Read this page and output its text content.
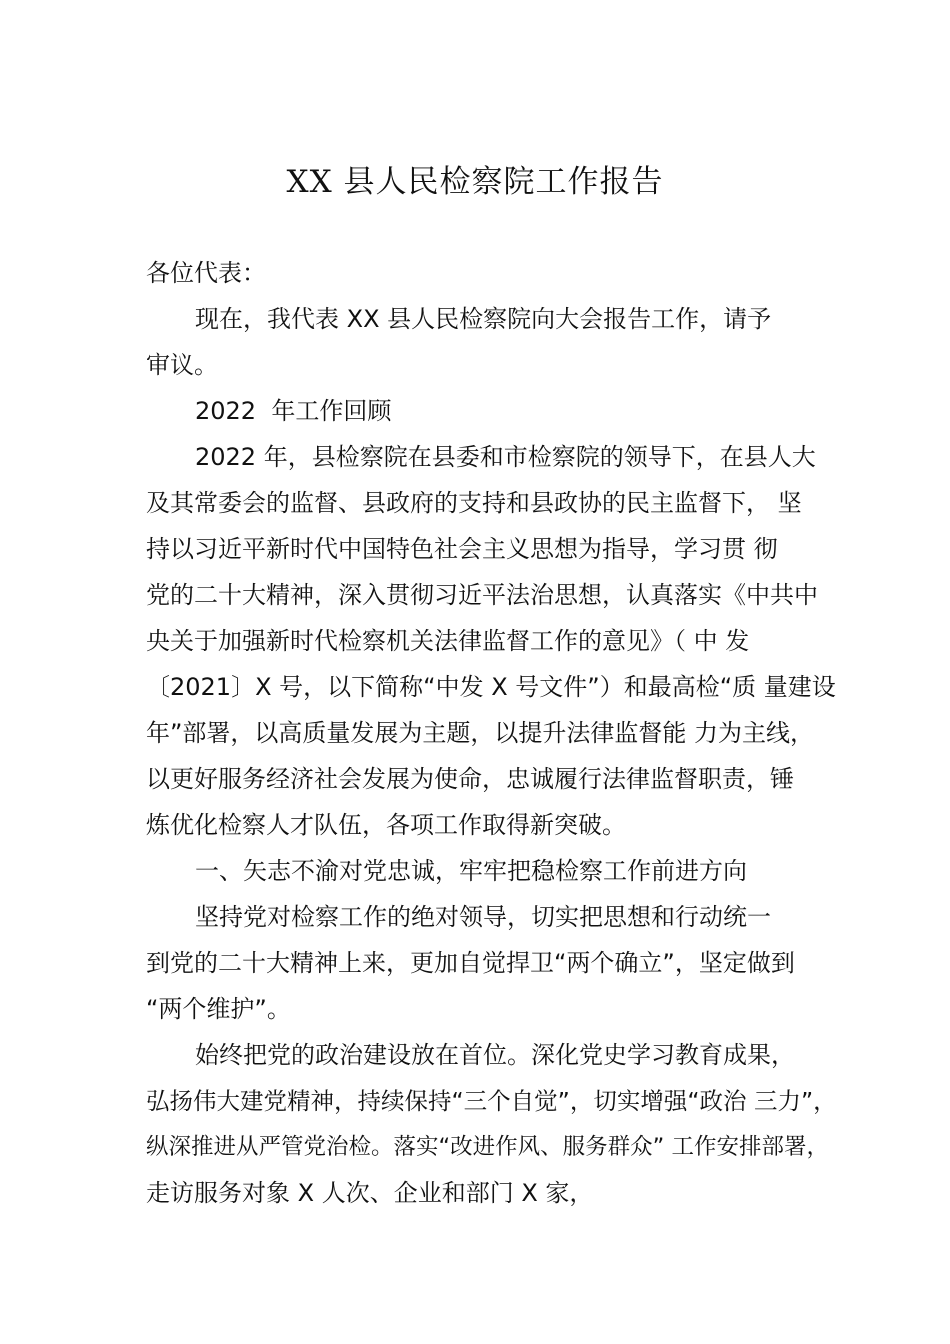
XX 县人民检察院工作报告
各位代表：
现在，我代表 XX 县人民检察院向大会报告工作，请予
审议。
2022  年工作回顾
2022 年，县检察院在县委和市检察院的领导下，在县人大
及其常委会的监督、县政府的支持和县政协的民主监督下， 坚
持以习近平新时代中国特色社会主义思想为指导，学习贯 彻
党的二十大精神，深入贯彻习近平法治思想，认真落实《中共中
央关于加强新时代检察机关法律监督工作的意见》（ 中 发
〔2021〕X 号，以下简称“中发 X 号文件”）和最高检“质 量建设
年”部署，以高质量发展为主题，以提升法律监督能 力为主线，
以更好服务经济社会发展为使命，忠诚履行法律监督职责，锤
炼优化检察人才队伍，各项工作取得新突破。
一、矢志不渝对党忠诚，牢牢把稳检察工作前进方向
坚持党对检察工作的绝对领导，切实把思想和行动统一
到党的二十大精神上来，更加自觉捍卫“两个确立”，坚定做到
“两个维护”。
始终把党的政治建设放在首位。深化党史学习教育成果，
弘扬伟大建党精神，持续保持“三个自觉”，切实增强“政治 三力”，
纵深推进从严管党治检。落实“改进作风、服务群众” 工作安排部署，
走访服务对象 X 人次、企业和部门 X 家，
